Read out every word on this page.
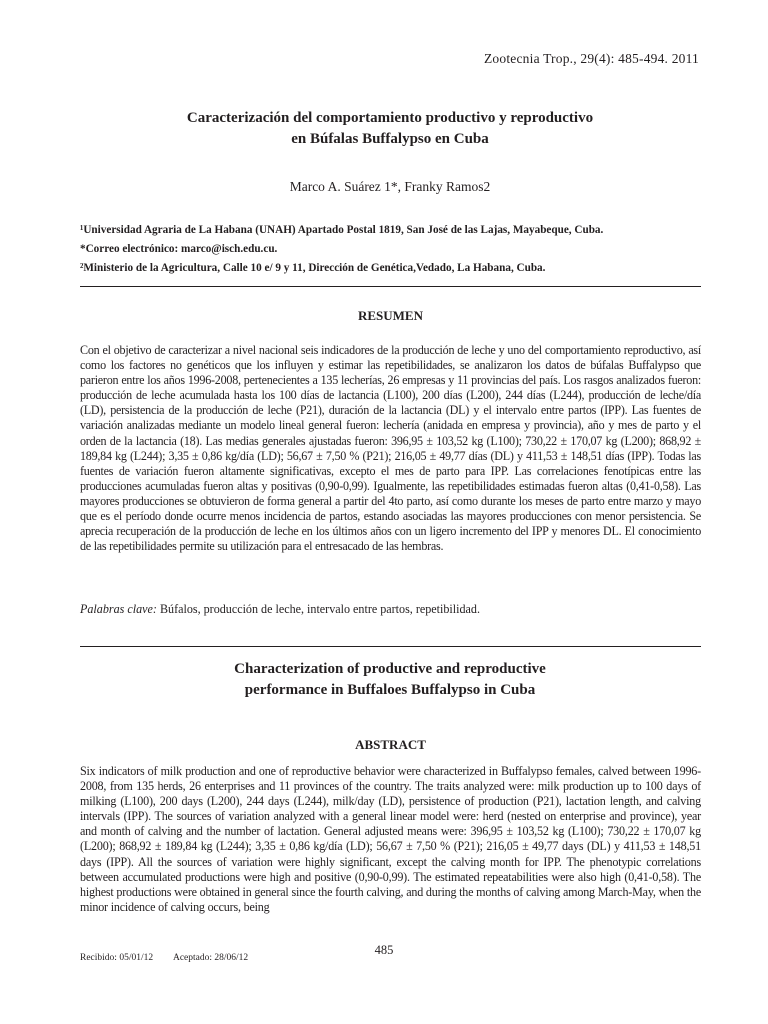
Zootecnia Trop., 29(4): 485-494. 2011
Caracterización del comportamiento productivo y reproductivo
en Búfalas Buffalypso en Cuba
Marco A. Suárez 1*, Franky Ramos2
¹Universidad Agraria de La Habana (UNAH) Apartado Postal 1819, San José de las Lajas, Mayabeque, Cuba.
*Correo electrónico: marco@isch.edu.cu.
²Ministerio de la Agricultura, Calle 10 e/ 9 y 11, Dirección de Genética,Vedado, La Habana, Cuba.
RESUMEN
Con el objetivo de caracterizar a nivel nacional seis indicadores de la producción de leche y uno del comportamiento reproductivo, así como los factores no genéticos que los influyen y estimar las repetibilidades, se analizaron los datos de búfalas Buffalypso que parieron entre los años 1996-2008, pertenecientes a 135 lecherías, 26 empresas y 11 provincias del país. Los rasgos analizados fueron: producción de leche acumulada hasta los 100 días de lactancia (L100), 200 días (L200), 244 días (L244), producción de leche/día (LD), persistencia de la producción de leche (P21), duración de la lactancia (DL) y el intervalo entre partos (IPP). Las fuentes de variación analizadas mediante un modelo lineal general fueron: lechería (anidada en empresa y provincia), año y mes de parto y el orden de la lactancia (18). Las medias generales ajustadas fueron: 396,95 ± 103,52 kg (L100); 730,22 ± 170,07 kg (L200); 868,92 ± 189,84 kg (L244); 3,35 ± 0,86 kg/día (LD); 56,67 ± 7,50 % (P21); 216,05 ± 49,77 días (DL) y 411,53 ± 148,51 días (IPP). Todas las fuentes de variación fueron altamente significativas, excepto el mes de parto para IPP. Las correlaciones fenotípicas entre las producciones acumuladas fueron altas y positivas (0,90-0,99). Igualmente, las repetibilidades estimadas fueron altas (0,41-0,58). Las mayores producciones se obtuvieron de forma general a partir del 4to parto, así como durante los meses de parto entre marzo y mayo que es el período donde ocurre menos incidencia de partos, estando asociadas las mayores producciones con menor persistencia. Se aprecia recuperación de la producción de leche en los últimos años con un ligero incremento del IPP y menores DL. El conocimiento de las repetibilidades permite su utilización para el entresacado de las hembras.
Palabras clave: Búfalos, producción de leche, intervalo entre partos, repetibilidad.
Characterization of productive and reproductive
performance in Buffaloes Buffalypso in Cuba
ABSTRACT
Six indicators of milk production and one of reproductive behavior were characterized in Buffalypso females, calved between 1996-2008, from 135 herds, 26 enterprises and 11 provinces of the country. The traits analyzed were: milk production up to 100 days of milking (L100), 200 days (L200), 244 days (L244), milk/day (LD), persistence of production (P21), lactation length, and calving intervals (IPP). The sources of variation analyzed with a general linear model were: herd (nested on enterprise and province), year and month of calving and the number of lactation. General adjusted means were: 396,95 ± 103,52 kg (L100); 730,22 ± 170,07 kg (L200); 868,92 ± 189,84 kg (L244); 3,35 ± 0,86 kg/día (LD); 56,67 ± 7,50 % (P21); 216,05 ± 49,77 days (DL) y 411,53 ± 148,51 days (IPP). All the sources of variation were highly significant, except the calving month for IPP. The phenotypic correlations between accumulated productions were high and positive (0,90-0,99). The estimated repeatabilities were also high (0,41-0,58). The highest productions were obtained in general since the fourth calving, and during the months of calving among March-May, when the minor incidence of calving occurs, being
Recibido: 05/01/12 Aceptado: 28/06/12
485
